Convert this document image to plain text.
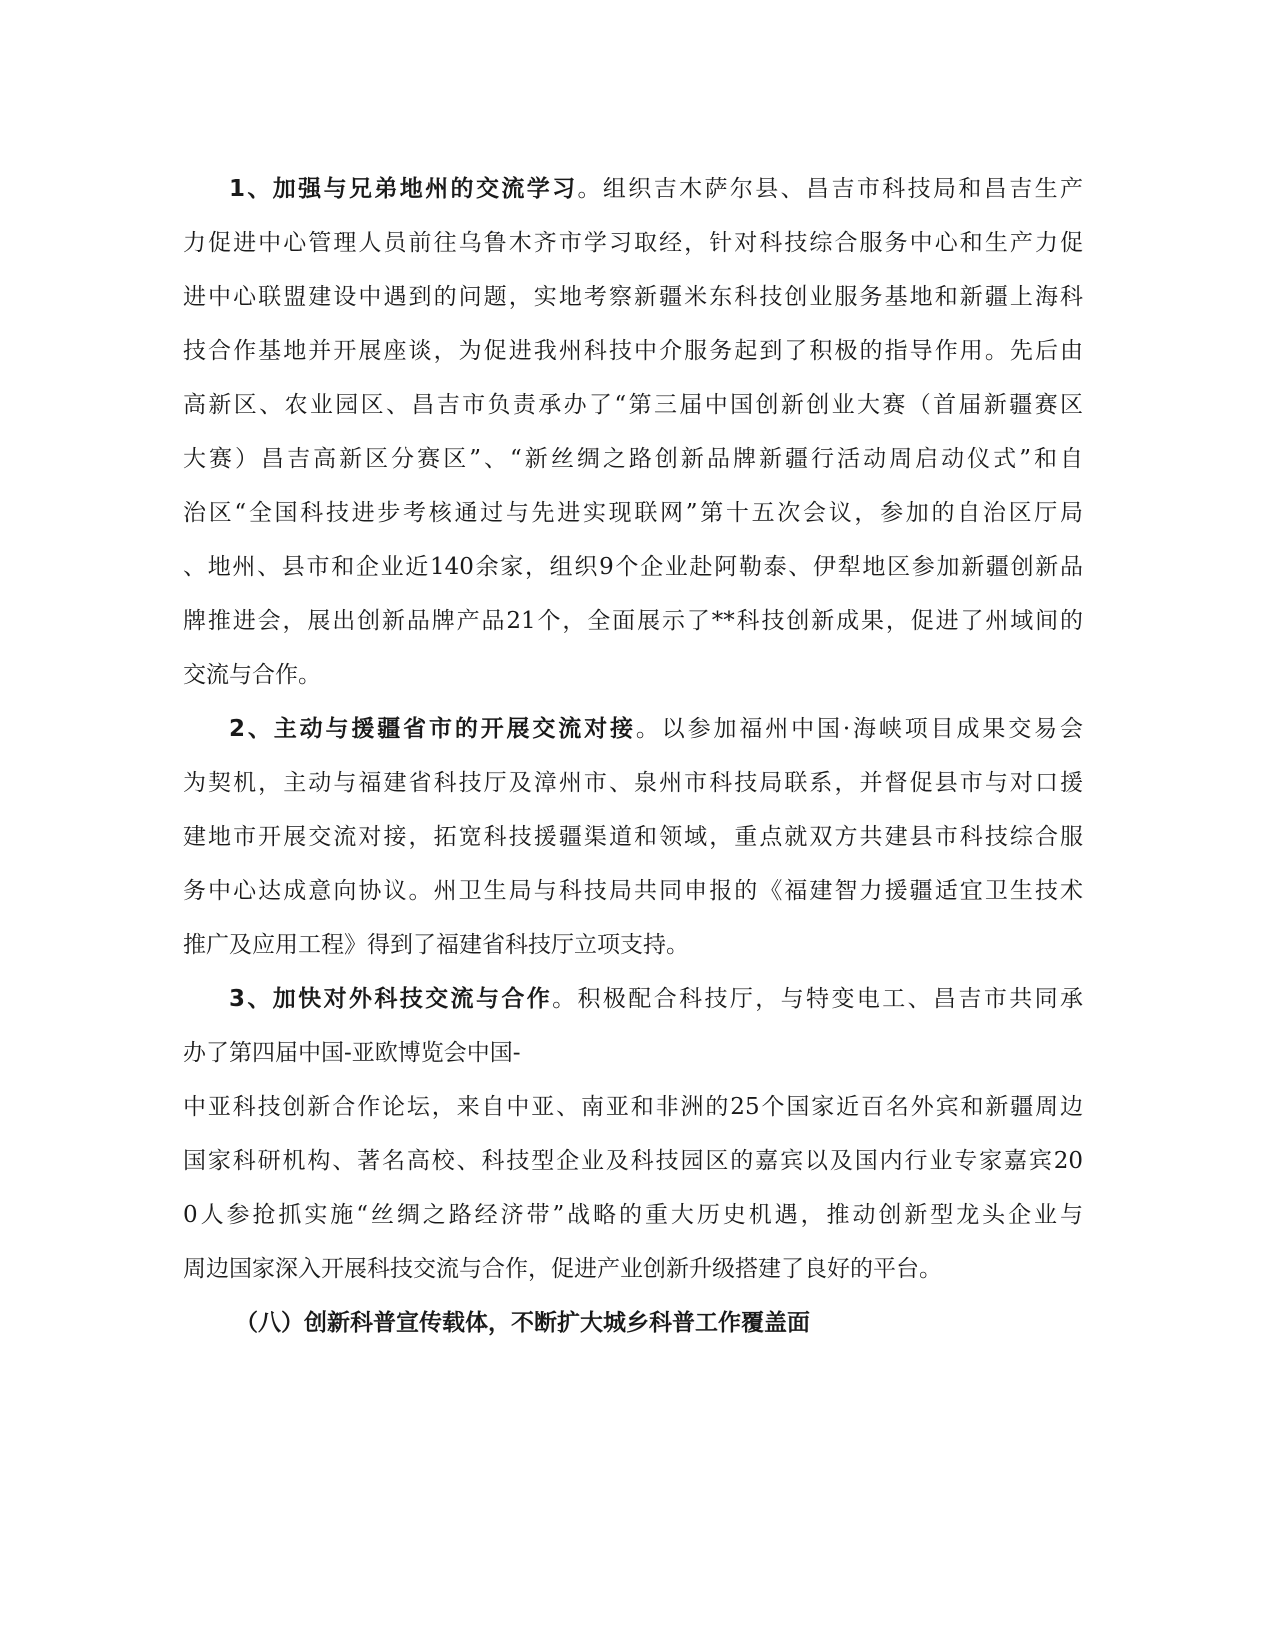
1、加强与兄弟地州的交流学习。组织吉木萨尔县、昌吉市科技局和昌吉生产
力促进中心管理人员前往乌鲁木齐市学习取经，针对科技综合服务中心和生产力促
进中心联盟建设中遇到的问题，实地考察新疆米东科技创业服务基地和新疆上海科
技合作基地并开展座谈，为促进我州科技中介服务起到了积极的指导作用。先后由
高新区、农业园区、昌吉市负责承办了“第三届中国创新创业大赛（首届新疆赛区
大赛）昌吉高新区分赛区”、“新丝绸之路创新品牌新疆行活动周启动仪式”和自
治区“全国科技进步考核通过与先进实现联网”第十五次会议，参加的自治区厅局
、地州、县市和企业近140余家，组织9个企业赴阿勒泰、伊犁地区参加新疆创新品
牌推进会，展出创新品牌产品21个，全面展示了**科技创新成果，促进了州域间的
交流与合作。
2、主动与援疆省市的开展交流对接。以参加福州中国·海峡项目成果交易会
为契机，主动与福建省科技厅及漳州市、泉州市科技局联系，并督促县市与对口援
建地市开展交流对接，拓宽科技援疆渠道和领域，重点就双方共建县市科技综合服
务中心达成意向协议。州卫生局与科技局共同申报的《福建智力援疆适宜卫生技术
推广及应用工程》得到了福建省科技厅立项支持。
3、加快对外科技交流与合作。积极配合科技厅，与特变电工、昌吉市共同承
办了第四届中国-亚欧博览会中国-
中亚科技创新合作论坛，来自中亚、南亚和非洲的25个国家近百名外宾和新疆周边
国家科研机构、著名高校、科技型企业及科技园区的嘉宾以及国内行业专家嘉宾20
0人参抢抓实施“丝绸之路经济带”战略的重大历史机遇，推动创新型龙头企业与
周边国家深入开展科技交流与合作，促进产业创新升级搭建了良好的平台。
（八）创新科普宣传载体，不断扩大城乡科普工作覆盖面
